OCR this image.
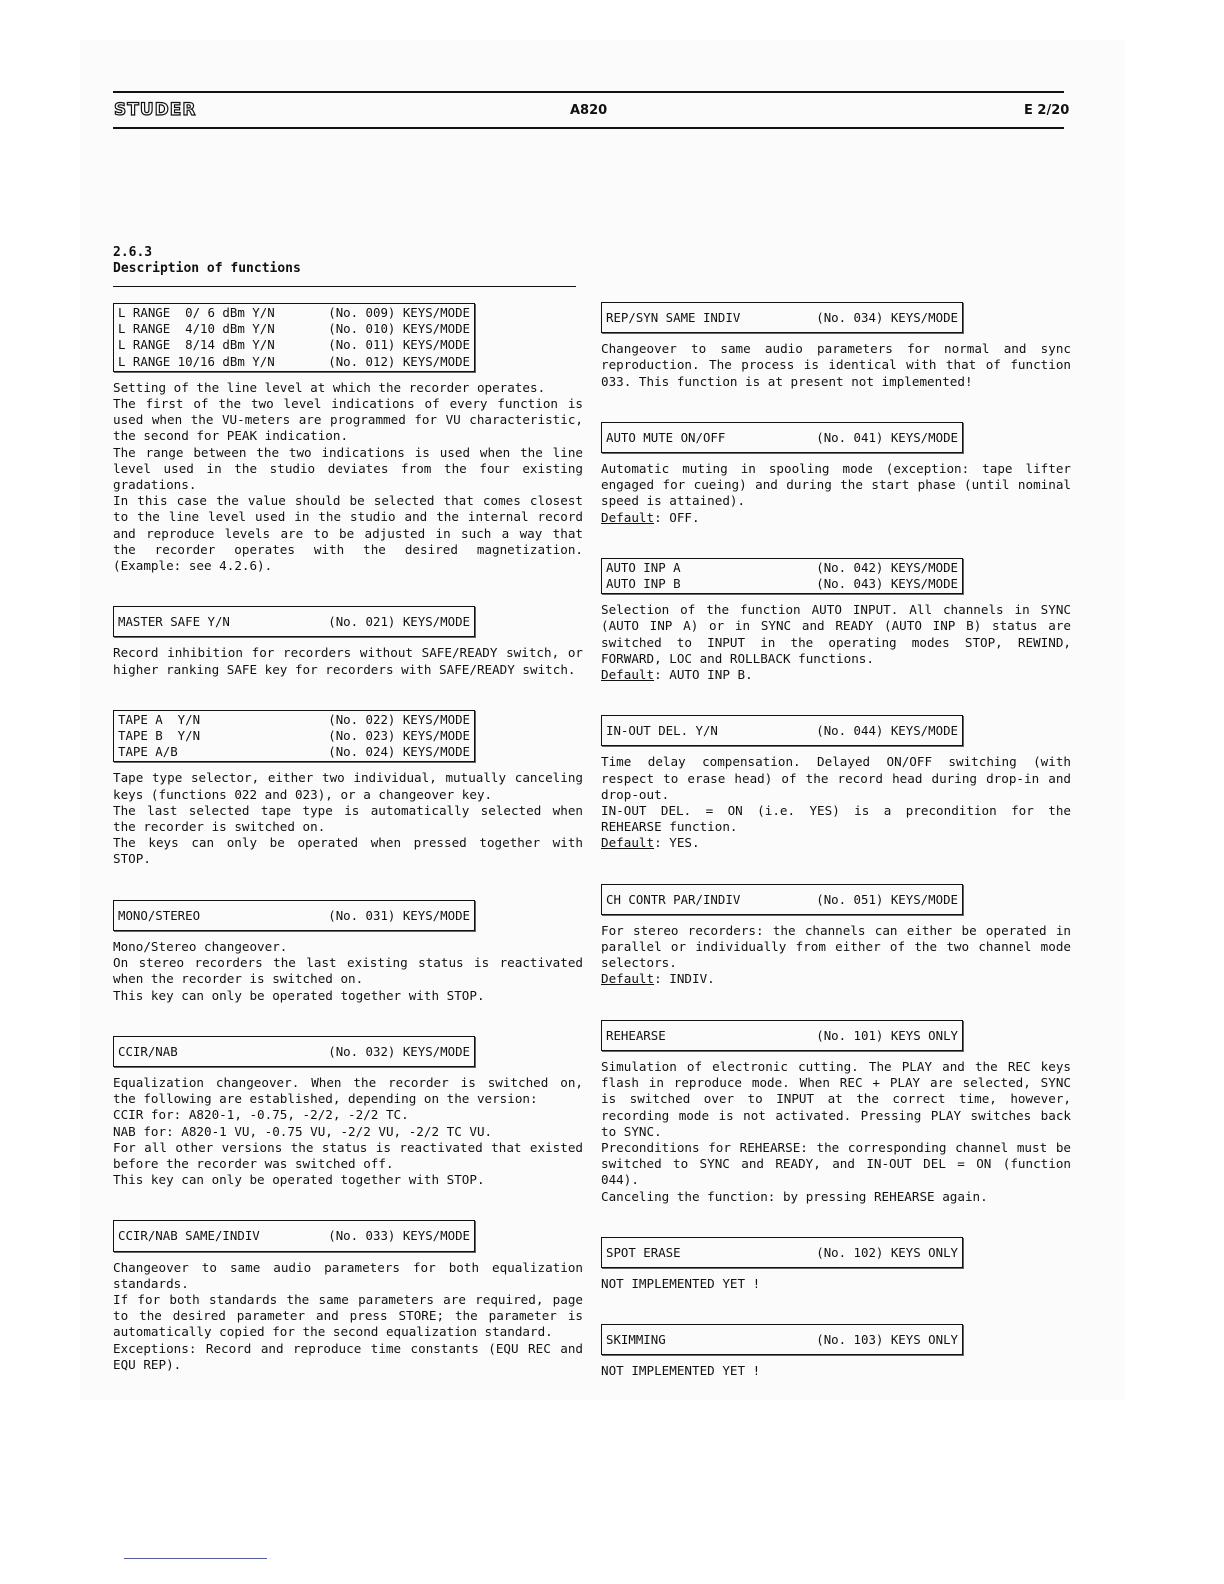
STUDER	A820	E 2/20
2.6.3
Description of functions
L RANGE  0/ 6 dBm Y/N	(No. 009) KEYS/MODE
L RANGE  4/10 dBm Y/N	(No. 010) KEYS/MODE
L RANGE  8/14 dBm Y/N	(No. 011) KEYS/MODE
L RANGE 10/16 dBm Y/N	(No. 012) KEYS/MODE

Setting of the line level at which the recorder operates.

The first of the two level indications of every function is used when the VU-meters are programmed for VU characteristic, the second for PEAK indication.

The range between the two indications is used when the line level used in the studio deviates from the four existing gradations.

In this case the value should be selected that comes closest to the line level used in the studio and the internal record and reproduce levels are to be adjusted in such a way that the recorder operates with the desired magnetization. (Example: see 4.2.6).

MASTER SAFE Y/N	(No. 021) KEYS/MODE

Record inhibition for recorders without SAFE/READY switch, or higher ranking SAFE key for recorders with SAFE/READY switch.

TAPE A  Y/N	(No. 022) KEYS/MODE
TAPE B  Y/N	(No. 023) KEYS/MODE
TAPE A/B	(No. 024) KEYS/MODE

Tape type selector, either two individual, mutually canceling keys (functions 022 and 023), or a changeover key.

The last selected tape type is automatically selected when the recorder is switched on.

The keys can only be operated when pressed together with STOP.

MONO/STEREO	(No. 031) KEYS/MODE

Mono/Stereo changeover.

On stereo recorders the last existing status is reactivated when the recorder is switched on.

This key can only be operated together with STOP.

CCIR/NAB	(No. 032) KEYS/MODE

Equalization changeover. When the recorder is switched on, the following are established, depending on the version:

CCIR for: A820-1, -0.75, -2/2, -2/2 TC.

NAB for: A820-1 VU, -0.75 VU, -2/2 VU, -2/2 TC VU.

For all other versions the status is reactivated that existed before the recorder was switched off.

This key can only be operated together with STOP.

CCIR/NAB SAME/INDIV	(No. 033) KEYS/MODE

Changeover to same audio parameters for both equalization standards.

If for both standards the same parameters are required, page to the desired parameter and press STORE; the parameter is automatically copied for the second equalization standard.

Exceptions: Record and reproduce time constants (EQU REC and EQU REP).

REP/SYN SAME INDIV	(No. 034) KEYS/MODE

Changeover to same audio parameters for normal and sync reproduction. The process is identical with that of function 033. This function is at present not implemented!

AUTO MUTE ON/OFF	(No. 041) KEYS/MODE

Automatic muting in spooling mode (exception: tape lifter engaged for cueing) and during the start phase (until nominal speed is attained).

Default: OFF.

AUTO INP A	(No. 042) KEYS/MODE
AUTO INP B	(No. 043) KEYS/MODE

Selection of the function AUTO INPUT. All channels in SYNC (AUTO INP A) or in SYNC and READY (AUTO INP B) status are switched to INPUT in the operating modes STOP, REWIND, FORWARD, LOC and ROLLBACK functions.

Default: AUTO INP B.

IN-OUT DEL. Y/N	(No. 044) KEYS/MODE

Time delay compensation. Delayed ON/OFF switching (with respect to erase head) of the record head during drop-in and drop-out.

IN-OUT DEL. = ON (i.e. YES) is a precondition for the REHEARSE function.

Default: YES.

CH CONTR PAR/INDIV	(No. 051) KEYS/MODE

For stereo recorders: the channels can either be operated in parallel or individually from either of the two channel mode selectors.

Default: INDIV.

REHEARSE	(No. 101) KEYS ONLY

Simulation of electronic cutting. The PLAY and the REC keys flash in reproduce mode. When REC + PLAY are selected, SYNC is switched over to INPUT at the correct time, however, recording mode is not activated. Pressing PLAY switches back to SYNC.

Preconditions for REHEARSE: the corresponding channel must be switched to SYNC and READY, and IN-OUT DEL = ON (function 044).

Canceling the function: by pressing REHEARSE again.

SPOT ERASE	(No. 102) KEYS ONLY

NOT IMPLEMENTED YET !

SKIMMING	(No. 103) KEYS ONLY

NOT IMPLEMENTED YET !
